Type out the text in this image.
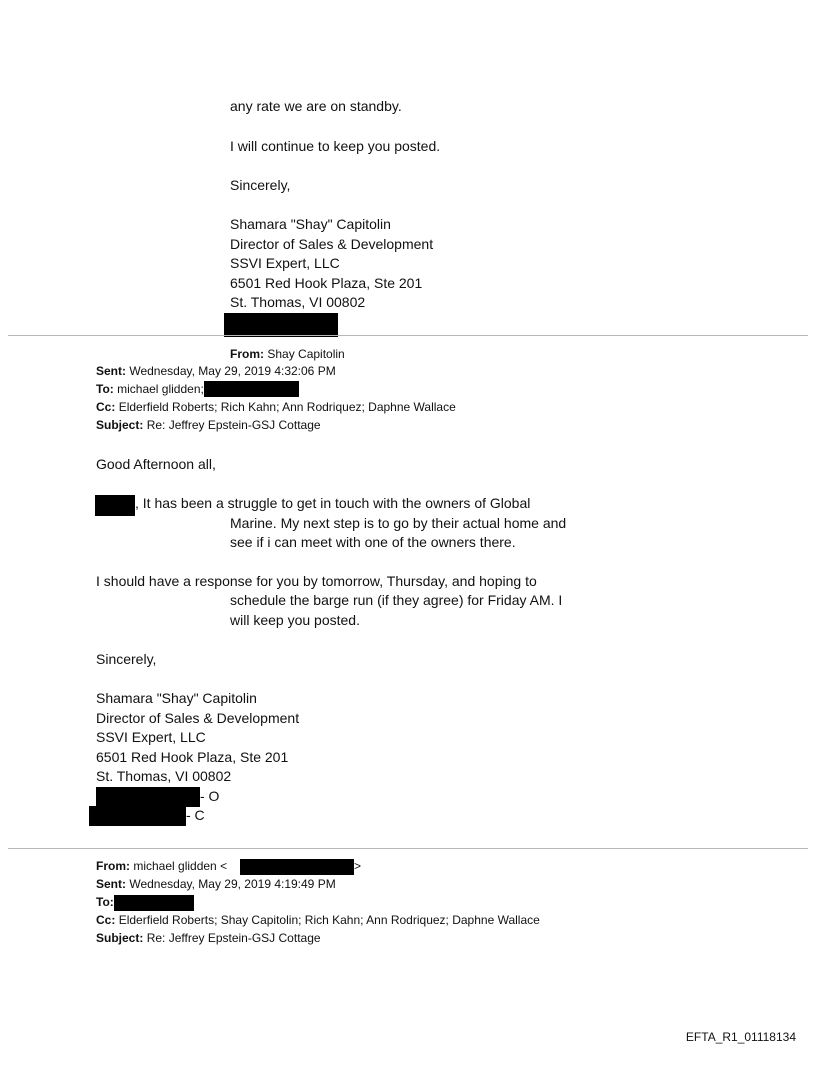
any rate we are on standby.
I will continue to keep you posted.
Sincerely,
Shamara "Shay" Capitolin
Director of Sales & Development
SSVI Expert, LLC
6501 Red Hook Plaza, Ste 201
St. Thomas, VI 00802
From: Shay Capitolin
Sent: Wednesday, May 29, 2019 4:32:06 PM
To: michael glidden;
Cc: Elderfield Roberts; Rich Kahn; Ann Rodriquez; Daphne Wallace
Subject: Re: Jeffrey Epstein-GSJ Cottage
Good Afternoon all,
, It has been a struggle to get in touch with the owners of Global
Marine. My next step is to go by their actual home and
see if i can meet with one of the owners there.
I should have a response for you by tomorrow, Thursday, and hoping to
schedule the barge run (if they agree) for Friday AM. I
will keep you posted.
Sincerely,
Shamara "Shay" Capitolin
Director of Sales & Development
SSVI Expert, LLC
6501 Red Hook Plaza, Ste 201
St. Thomas, VI 00802
- O
- C
From: michael glidden <	>
Sent: Wednesday, May 29, 2019 4:19:49 PM
To:
Cc: Elderfield Roberts; Shay Capitolin; Rich Kahn; Ann Rodriquez; Daphne Wallace
Subject: Re: Jeffrey Epstein-GSJ Cottage
EFTA_R1_01118134
